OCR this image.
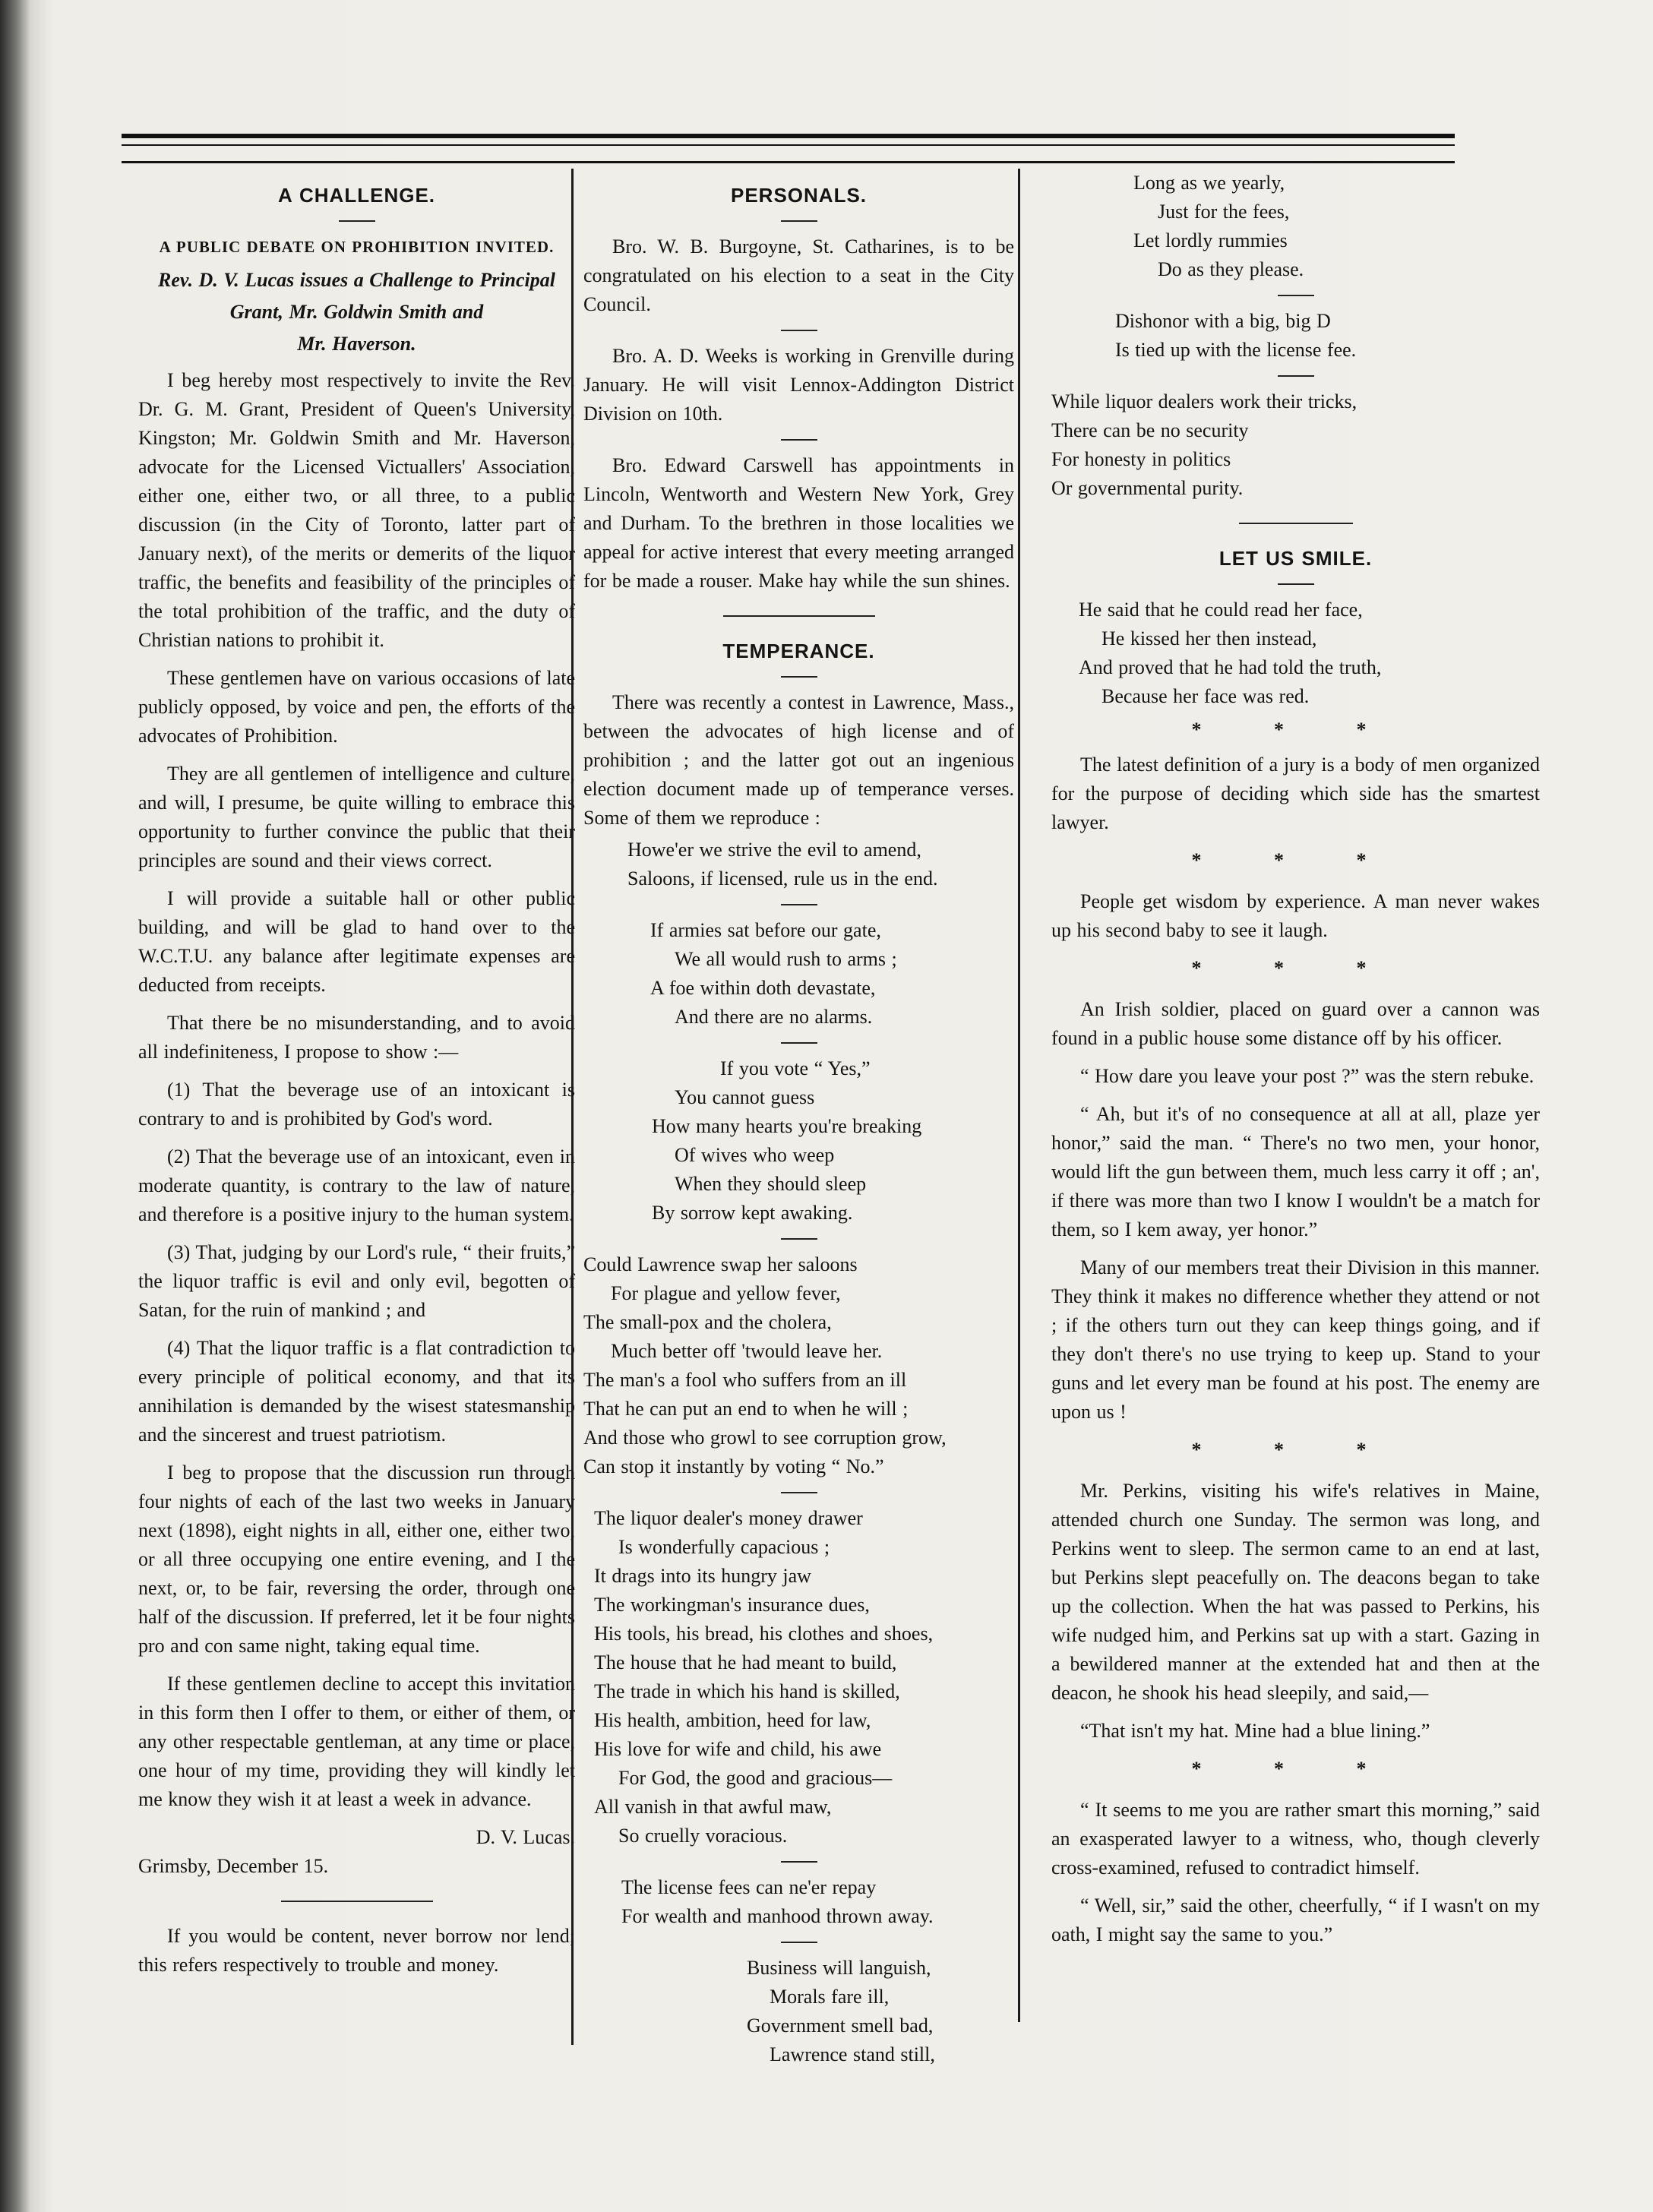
A CHALLENGE.
A PUBLIC DEBATE ON PROHIBITION INVITED.
Rev. D. V. Lucas issues a Challenge to Principal
Grant, Mr. Goldwin Smith and
Mr. Haverson.

I beg hereby most respectively to invite the Rev. Dr. G. M. Grant, President of Queen's University, Kingston; Mr. Goldwin Smith and Mr. Haverson, advocate for the Licensed Victuallers' Association, either one, either two, or all three, to a public discussion (in the City of Toronto, latter part of January next), of the merits or demerits of the liquor traffic, the benefits and feasibility of the principles of the total prohibition of the traffic, and the duty of Christian nations to prohibit it.

These gentlemen have on various occasions of late publicly opposed, by voice and pen, the efforts of the advocates of Prohibition.

They are all gentlemen of intelligence and culture, and will, I presume, be quite willing to embrace this opportunity to further convince the public that their principles are sound and their views correct.

I will provide a suitable hall or other public building, and will be glad to hand over to the W.C.T.U. any balance after legitimate expenses are deducted from receipts.

That there be no misunderstanding, and to avoid all indefiniteness, I propose to show :—

(1) That the beverage use of an intoxicant is contrary to and is prohibited by God's word.

(2) That the beverage use of an intoxicant, even in moderate quantity, is contrary to the law of nature, and therefore is a positive injury to the human system.

(3) That, judging by our Lord's rule, “ their fruits,” the liquor traffic is evil and only evil, begotten of Satan, for the ruin of mankind ; and

(4) That the liquor traffic is a flat contradiction to every principle of political economy, and that its annihilation is demanded by the wisest statesmanship and the sincerest and truest patriotism.

I beg to propose that the discussion run through four nights of each of the last two weeks in January next (1898), eight nights in all, either one, either two, or all three occupying one entire evening, and I the next, or, to be fair, reversing the order, through one half of the discussion. If preferred, let it be four nights pro and con same night, taking equal time.

If these gentlemen decline to accept this invitation in this form then I offer to them, or either of them, or any other respectable gentleman, at any time or place, one hour of my time, providing they will kindly let me know they wish it at least a week in advance.

D. V. Lucas.
Grimsby, December 15.

If you would be content, never borrow nor lend; this refers respectively to trouble and money.

PERSONALS.

Bro. W. B. Burgoyne, St. Catharines, is to be congratulated on his election to a seat in the City Council.

Bro. A. D. Weeks is working in Grenville during January. He will visit Lennox-Addington District Division on 10th.

Bro. Edward Carswell has appointments in Lincoln, Wentworth and Western New York, Grey and Durham. To the brethren in those localities we appeal for active interest that every meeting arranged for be made a rouser. Make hay while the sun shines.

TEMPERANCE.

There was recently a contest in Lawrence, Mass., between the advocates of high license and of prohibition ; and the latter got out an ingenious election document made up of temperance verses. Some of them we reproduce :

Howe'er we strive the evil to amend,
Saloons, if licensed, rule us in the end.
If armies sat before our gate,
We all would rush to arms ;
A foe within doth devastate,
And there are no alarms.
If you vote “ Yes,”
You cannot guess
How many hearts you're breaking
Of wives who weep
When they should sleep
By sorrow kept awaking.
Could Lawrence swap her saloons
For plague and yellow fever,
The small-pox and the cholera,
Much better off 'twould leave her.
The man's a fool who suffers from an ill
That he can put an end to when he will ;
And those who growl to see corruption grow,
Can stop it instantly by voting “ No.”
The liquor dealer's money drawer
Is wonderfully capacious ;
It drags into its hungry jaw
The workingman's insurance dues,
His tools, his bread, his clothes and shoes,
The house that he had meant to build,
The trade in which his hand is skilled,
His health, ambition, heed for law,
His love for wife and child, his awe
For God, the good and gracious—
All vanish in that awful maw,
So cruelly voracious.
The license fees can ne'er repay
For wealth and manhood thrown away.
Business will languish,
Morals fare ill,
Government smell bad,
Lawrence stand still,
Long as we yearly,
Just for the fees,
Let lordly rummies
Do as they please.
Dishonor with a big, big D
Is tied up with the license fee.
While liquor dealers work their tricks,
There can be no security
For honesty in politics
Or governmental purity.
LET US SMILE.
He said that he could read her face,
He kissed her then instead,
And proved that he had told the truth,
Because her face was red.
* * *

The latest definition of a jury is a body of men organized for the purpose of deciding which side has the smartest lawyer.

* * *

People get wisdom by experience. A man never wakes up his second baby to see it laugh.

* * *

An Irish soldier, placed on guard over a cannon was found in a public house some distance off by his officer.

“ How dare you leave your post ?” was the stern rebuke.

“ Ah, but it's of no consequence at all at all, plaze yer honor,” said the man. “ There's no two men, your honor, would lift the gun between them, much less carry it off ; an', if there was more than two I know I wouldn't be a match for them, so I kem away, yer honor.”

Many of our members treat their Division in this manner. They think it makes no difference whether they attend or not ; if the others turn out they can keep things going, and if they don't there's no use trying to keep up. Stand to your guns and let every man be found at his post. The enemy are upon us !

* * *

Mr. Perkins, visiting his wife's relatives in Maine, attended church one Sunday. The sermon was long, and Perkins went to sleep. The sermon came to an end at last, but Perkins slept peacefully on. The deacons began to take up the collection. When the hat was passed to Perkins, his wife nudged him, and Perkins sat up with a start. Gazing in a bewildered manner at the extended hat and then at the deacon, he shook his head sleepily, and said,—

“That isn't my hat. Mine had a blue lining.”

* * *

“ It seems to me you are rather smart this morning,” said an exasperated lawyer to a witness, who, though cleverly cross-examined, refused to contradict himself.

“ Well, sir,” said the other, cheerfully, “ if I wasn't on my oath, I might say the same to you.”
